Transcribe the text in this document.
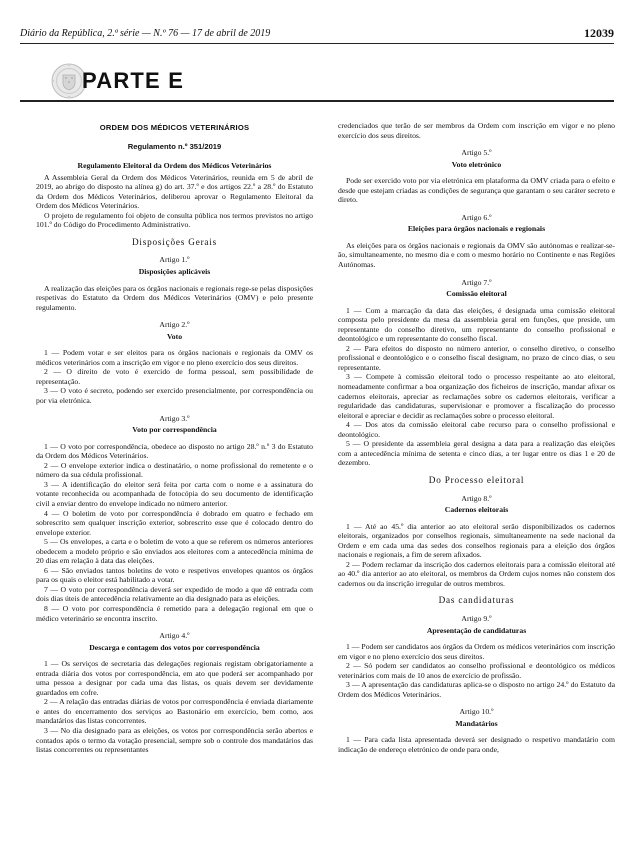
Diário da República, 2.ª série — N.º 76 — 17 de abril de 2019	12039
PARTE E
ORDEM DOS MÉDICOS VETERINÁRIOS
Regulamento n.º 351/2019
Regulamento Eleitoral da Ordem dos Médicos Veterinários

A Assembleia Geral da Ordem dos Médicos Veterinários, reunida em 5 de abril de 2019, ao abrigo do disposto na alínea g) do art. 37.º e dos artigos 22.º a 28.º do Estatuto da Ordem dos Médicos Veterinários, deliberou aprovar o Regulamento Eleitoral da Ordem dos Médicos Veterinários.

O projeto de regulamento foi objeto de consulta pública nos termos previstos no artigo 101.º do Código do Procedimento Administrativo.

Disposições Gerais
Artigo 1.º
Disposições aplicáveis

A realização das eleições para os órgãos nacionais e regionais rege-se pelas disposições respetivas do Estatuto da Ordem dos Médicos Veterinários (OMV) e pelo presente regulamento.

Artigo 2.º
Voto

1 — Podem votar e ser eleitos para os órgãos nacionais e regionais da OMV os médicos veterinários com a inscrição em vigor e no pleno exercício dos seus direitos.

2 — O direito de voto é exercido de forma pessoal, sem possibilidade de representação.

3 — O voto é secreto, podendo ser exercido presencialmente, por correspondência ou por via eletrónica.

Artigo 3.º
Voto por correspondência

1 — O voto por correspondência, obedece ao disposto no artigo 28.º n.º 3 do Estatuto da Ordem dos Médicos Veterinários.

2 — O envelope exterior indica o destinatário, o nome profissional do remetente e o número da sua cédula profissional.

3 — A identificação do eleitor será feita por carta com o nome e a assinatura do votante reconhecida ou acompanhada de fotocópia do seu documento de identificação civil a enviar dentro do envelope indicado no número anterior.

4 — O boletim de voto por correspondência é dobrado em quatro e fechado em sobrescrito sem qualquer inscrição exterior, sobrescrito esse que é colocado dentro do envelope exterior.

5 — Os envelopes, a carta e o boletim de voto a que se referem os números anteriores obedecem a modelo próprio e são enviados aos eleitores com a antecedência mínima de 20 dias em relação à data das eleições.

6 — São enviados tantos boletins de voto e respetivos envelopes quantos os órgãos para os quais o eleitor está habilitado a votar.

7 — O voto por correspondência deverá ser expedido de modo a que dê entrada com dois dias úteis de antecedência relativamente ao dia designado para as eleições.

8 — O voto por correspondência é remetido para a delegação regional em que o médico veterinário se encontra inscrito.

Artigo 4.º
Descarga e contagem dos votos por correspondência

1 — Os serviços de secretaria das delegações regionais registam obrigatoriamente a entrada diária dos votos por correspondência, em ato que poderá ser acompanhado por uma pessoa a designar por cada uma das listas, os quais devem ser devidamente guardados em cofre.

2 — A relação das entradas diárias de votos por correspondência é enviada diariamente e antes do encerramento dos serviços ao Bastonário em exercício, bem como, aos mandatários das listas concorrentes.

3 — No dia designado para as eleições, os votos por correspondência serão abertos e contados após o termo da votação presencial, sempre sob o controle dos mandatários das listas concorrentes ou representantes

credenciados que terão de ser membros da Ordem com inscrição em vigor e no pleno exercício dos seus direitos.

Artigo 5.º
Voto eletrónico

Pode ser exercido voto por via eletrónica em plataforma da OMV criada para o efeito e desde que estejam criadas as condições de segurança que garantam o seu caráter secreto e direto.

Artigo 6.º
Eleições para órgãos nacionais e regionais

As eleições para os órgãos nacionais e regionais da OMV são autónomas e realizar-se-ão, simultaneamente, no mesmo dia e com o mesmo horário no Continente e nas Regiões Autónomas.

Artigo 7.º
Comissão eleitoral

1 — Com a marcação da data das eleições, é designada uma comissão eleitoral composta pelo presidente da mesa da assembleia geral em funções, que preside, um representante do conselho diretivo, um representante do conselho profissional e deontológico e um representante do conselho fiscal.

2 — Para efeitos do disposto no número anterior, o conselho diretivo, o conselho profissional e deontológico e o conselho fiscal designam, no prazo de cinco dias, o seu representante.

3 — Compete à comissão eleitoral todo o processo respeitante ao ato eleitoral, nomeadamente confirmar a boa organização dos ficheiros de inscrição, mandar afixar os cadernos eleitorais, apreciar as reclamações sobre os cadernos eleitorais, verificar a regularidade das candidaturas, supervisionar e promover a fiscalização do processo eleitoral e apreciar e decidir as reclamações sobre o processo eleitoral.

4 — Dos atos da comissão eleitoral cabe recurso para o conselho profissional e deontológico.

5 — O presidente da assembleia geral designa a data para a realização das eleições com a antecedência mínima de setenta e cinco dias, a ter lugar entre os dias 1 e 20 de dezembro.

Do Processo eleitoral
Artigo 8.º
Cadernos eleitorais

1 — Até ao 45.º dia anterior ao ato eleitoral serão disponibilizados os cadernos eleitorais, organizados por conselhos regionais, simultaneamente na sede nacional da Ordem e em cada uma das sedes dos conselhos regionais para a eleição dos órgãos nacionais e regionais, a fim de serem afixados.

2 — Podem reclamar da inscrição dos cadernos eleitorais para a comissão eleitoral até ao 40.º dia anterior ao ato eleitoral, os membros da Ordem cujos nomes não constem dos cadernos ou da inscrição irregular de outros membros.

Das candidaturas
Artigo 9.º
Apresentação de candidaturas

1 — Podem ser candidatos aos órgãos da Ordem os médicos veterinários com inscrição em vigor e no pleno exercício dos seus direitos.

2 — Só podem ser candidatos ao conselho profissional e deontológico os médicos veterinários com mais de 10 anos de exercício de profissão.

3 — A apresentação das candidaturas aplica-se o disposto no artigo 24.º do Estatuto da Ordem dos Médicos Veterinários.

Artigo 10.º
Mandatários

1 — Para cada lista apresentada deverá ser designado o respetivo mandatário com indicação de endereço eletrónico de onde para onde,
